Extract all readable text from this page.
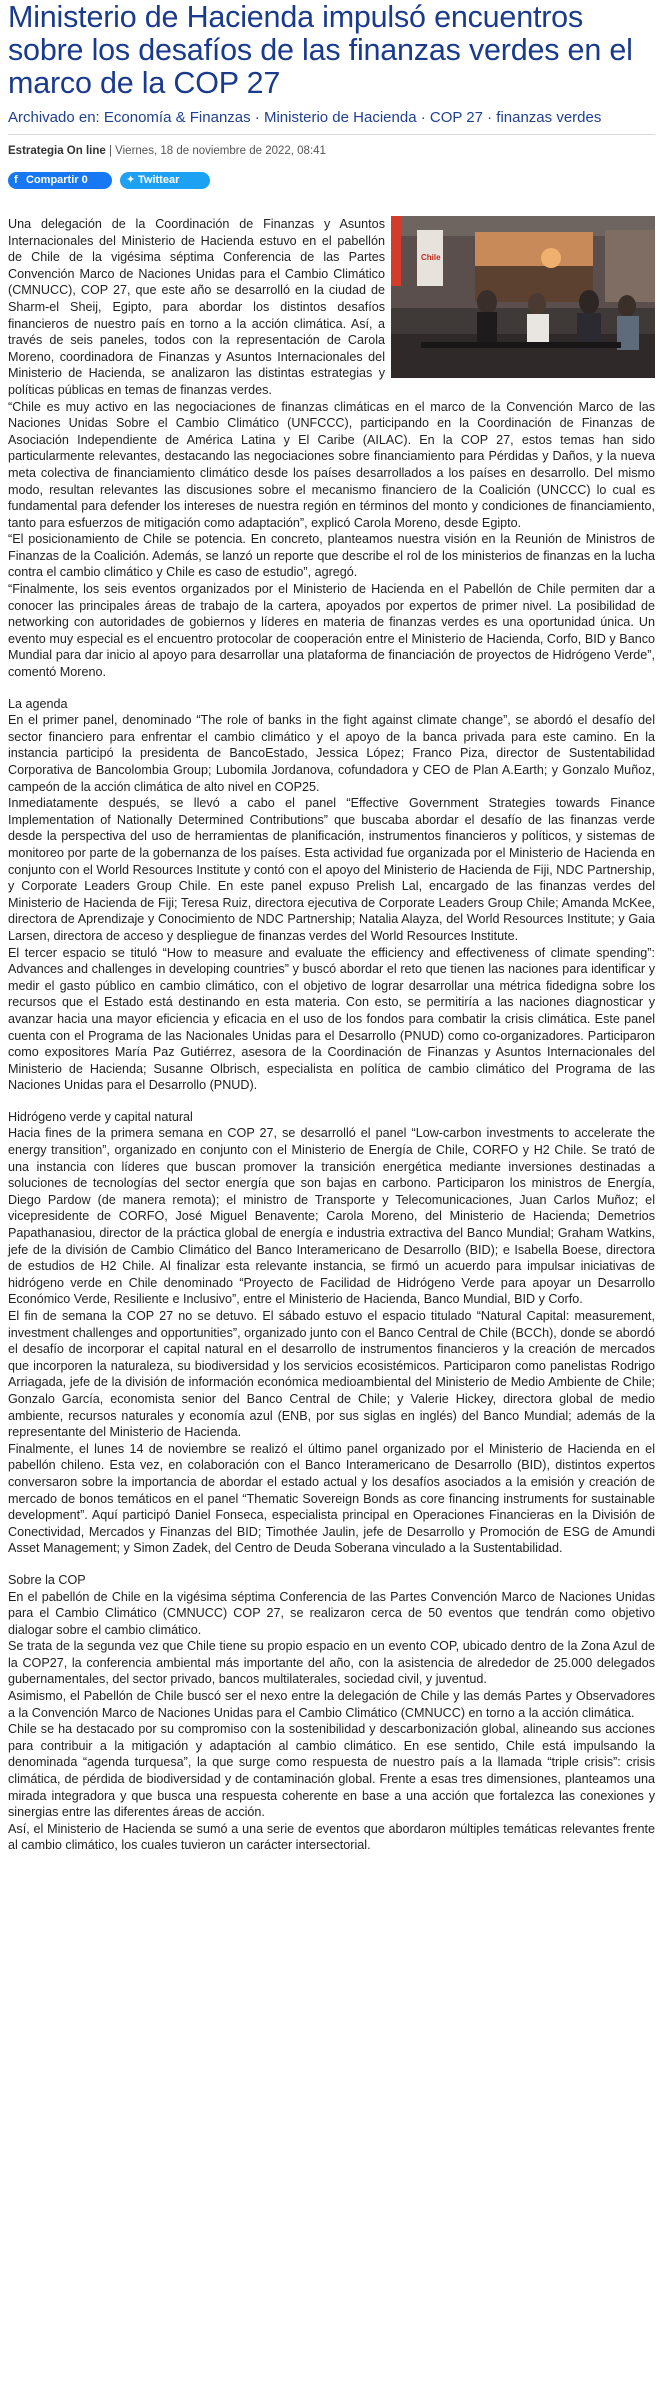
Ministerio de Hacienda impulsó encuentros sobre los desafíos de las finanzas verdes en el marco de la COP 27
Archivado en: Economía & Finanzas · Ministerio de Hacienda · COP 27 · finanzas verdes
Estrategia On line | Viernes, 18 de noviembre de 2022, 08:41
f Compartir 0	✦ Twittear
Chile

Una delegación de la Coordinación de Finanzas y Asuntos Internacionales del Ministerio de Hacienda estuvo en el pabellón de Chile de la vigésima séptima Conferencia de las Partes Convención Marco de Naciones Unidas para el Cambio Climático (CMNUCC), COP 27, que este año se desarrolló en la ciudad de Sharm-el Sheij, Egipto, para abordar los distintos desafíos financieros de nuestro país en torno a la acción climática. Así, a través de seis paneles, todos con la representación de Carola Moreno, coordinadora de Finanzas y Asuntos Internacionales del Ministerio de Hacienda, se analizaron las distintas estrategias y políticas públicas en temas de finanzas verdes.

“Chile es muy activo en las negociaciones de finanzas climáticas en el marco de la Convención Marco de las Naciones Unidas Sobre el Cambio Climático (UNFCCC), participando en la Coordinación de Finanzas de Asociación Independiente de América Latina y El Caribe (AILAC). En la COP 27, estos temas han sido particularmente relevantes, destacando las negociaciones sobre financiamiento para Pérdidas y Daños, y la nueva meta colectiva de financiamiento climático desde los países desarrollados a los países en desarrollo. Del mismo modo, resultan relevantes las discusiones sobre el mecanismo financiero de la Coalición (UNCCC) lo cual es fundamental para defender los intereses de nuestra región en términos del monto y condiciones de financiamiento, tanto para esfuerzos de mitigación como adaptación”, explicó Carola Moreno, desde Egipto.

“El posicionamiento de Chile se potencia. En concreto, planteamos nuestra visión en la Reunión de Ministros de Finanzas de la Coalición. Además, se lanzó un reporte que describe el rol de los ministerios de finanzas en la lucha contra el cambio climático y Chile es caso de estudio”, agregó.

“Finalmente, los seis eventos organizados por el Ministerio de Hacienda en el Pabellón de Chile permiten dar a conocer las principales áreas de trabajo de la cartera, apoyados por expertos de primer nivel. La posibilidad de networking con autoridades de gobiernos y líderes en materia de finanzas verdes es una oportunidad única. Un evento muy especial es el encuentro protocolar de cooperación entre el Ministerio de Hacienda, Corfo, BID y Banco Mundial para dar inicio al apoyo para desarrollar una plataforma de financiación de proyectos de Hidrógeno Verde”, comentó Moreno.

La agenda

En el primer panel, denominado “The role of banks in the fight against climate change”, se abordó el desafío del sector financiero para enfrentar el cambio climático y el apoyo de la banca privada para este camino. En la instancia participó la presidenta de BancoEstado, Jessica López; Franco Piza, director de Sustentabilidad Corporativa de Bancolombia Group; Lubomila Jordanova, cofundadora y CEO de Plan A.Earth; y Gonzalo Muñoz, campeón de la acción climática de alto nivel en COP25.

Inmediatamente después, se llevó a cabo el panel “Effective Government Strategies towards Finance Implementation of Nationally Determined Contributions” que buscaba abordar el desafío de las finanzas verde desde la perspectiva del uso de herramientas de planificación, instrumentos financieros y políticos, y sistemas de monitoreo por parte de la gobernanza de los países. Esta actividad fue organizada por el Ministerio de Hacienda en conjunto con el World Resources Institute y contó con el apoyo del Ministerio de Hacienda de Fiji, NDC Partnership, y Corporate Leaders Group Chile. En este panel expuso Prelish Lal, encargado de las finanzas verdes del Ministerio de Hacienda de Fiji; Teresa Ruiz, directora ejecutiva de Corporate Leaders Group Chile; Amanda McKee, directora de Aprendizaje y Conocimiento de NDC Partnership; Natalia Alayza, del World Resources Institute; y Gaia Larsen, directora de acceso y despliegue de finanzas verdes del World Resources Institute.

El tercer espacio se tituló “How to measure and evaluate the efficiency and effectiveness of climate spending”: Advances and challenges in developing countries” y buscó abordar el reto que tienen las naciones para identificar y medir el gasto público en cambio climático, con el objetivo de lograr desarrollar una métrica fidedigna sobre los recursos que el Estado está destinando en esta materia. Con esto, se permitiría a las naciones diagnosticar y avanzar hacia una mayor eficiencia y eficacia en el uso de los fondos para combatir la crisis climática. Este panel cuenta con el Programa de las Nacionales Unidas para el Desarrollo (PNUD) como co-organizadores. Participaron como expositores María Paz Gutiérrez, asesora de la Coordinación de Finanzas y Asuntos Internacionales del Ministerio de Hacienda; Susanne Olbrisch, especialista en política de cambio climático del Programa de las Naciones Unidas para el Desarrollo (PNUD).

Hidrógeno verde y capital natural

Hacia fines de la primera semana en COP 27, se desarrolló el panel “Low-carbon investments to accelerate the energy transition”, organizado en conjunto con el Ministerio de Energía de Chile, CORFO y H2 Chile. Se trató de una instancia con líderes que buscan promover la transición energética mediante inversiones destinadas a soluciones de tecnologías del sector energía que son bajas en carbono. Participaron los ministros de Energía, Diego Pardow (de manera remota); el ministro de Transporte y Telecomunicaciones, Juan Carlos Muñoz; el vicepresidente de CORFO, José Miguel Benavente; Carola Moreno, del Ministerio de Hacienda; Demetrios Papathanasiou, director de la práctica global de energía e industria extractiva del Banco Mundial; Graham Watkins, jefe de la división de Cambio Climático del Banco Interamericano de Desarrollo (BID); e Isabella Boese, directora de estudios de H2 Chile. Al finalizar esta relevante instancia, se firmó un acuerdo para impulsar iniciativas de hidrógeno verde en Chile denominado “Proyecto de Facilidad de Hidrógeno Verde para apoyar un Desarrollo Económico Verde, Resiliente e Inclusivo”, entre el Ministerio de Hacienda, Banco Mundial, BID y Corfo.

El fin de semana la COP 27 no se detuvo. El sábado estuvo el espacio titulado “Natural Capital: measurement, investment challenges and opportunities”, organizado junto con el Banco Central de Chile (BCCh), donde se abordó el desafío de incorporar el capital natural en el desarrollo de instrumentos financieros y la creación de mercados que incorporen la naturaleza, su biodiversidad y los servicios ecosistémicos. Participaron como panelistas Rodrigo Arriagada, jefe de la división de información económica medioambiental del Ministerio de Medio Ambiente de Chile; Gonzalo García, economista senior del Banco Central de Chile; y Valerie Hickey, directora global de medio ambiente, recursos naturales y economía azul (ENB, por sus siglas en inglés) del Banco Mundial; además de la representante del Ministerio de Hacienda.

Finalmente, el lunes 14 de noviembre se realizó el último panel organizado por el Ministerio de Hacienda en el pabellón chileno. Esta vez, en colaboración con el Banco Interamericano de Desarrollo (BID), distintos expertos conversaron sobre la importancia de abordar el estado actual y los desafíos asociados a la emisión y creación de mercado de bonos temáticos en el panel “Thematic Sovereign Bonds as core financing instruments for sustainable development”. Aquí participó Daniel Fonseca, especialista principal en Operaciones Financieras en la División de Conectividad, Mercados y Finanzas del BID; Timothée Jaulin, jefe de Desarrollo y Promoción de ESG de Amundi Asset Management; y Simon Zadek, del Centro de Deuda Soberana vinculado a la Sustentabilidad.

Sobre la COP

En el pabellón de Chile en la vigésima séptima Conferencia de las Partes Convención Marco de Naciones Unidas para el Cambio Climático (CMNUCC) COP 27, se realizaron cerca de 50 eventos que tendrán como objetivo dialogar sobre el cambio climático.

Se trata de la segunda vez que Chile tiene su propio espacio en un evento COP, ubicado dentro de la Zona Azul de la COP27, la conferencia ambiental más importante del año, con la asistencia de alrededor de 25.000 delegados gubernamentales, del sector privado, bancos multilaterales, sociedad civil, y juventud.

Asimismo, el Pabellón de Chile buscó ser el nexo entre la delegación de Chile y las demás Partes y Observadores a la Convención Marco de Naciones Unidas para el Cambio Climático (CMNUCC) en torno a la acción climática.

Chile se ha destacado por su compromiso con la sostenibilidad y descarbonización global, alineando sus acciones para contribuir a la mitigación y adaptación al cambio climático. En ese sentido, Chile está impulsando la denominada “agenda turquesa”, la que surge como respuesta de nuestro país a la llamada “triple crisis”: crisis climática, de pérdida de biodiversidad y de contaminación global. Frente a esas tres dimensiones, planteamos una mirada integradora y que busca una respuesta coherente en base a una acción que fortalezca las conexiones y sinergias entre las diferentes áreas de acción.

Así, el Ministerio de Hacienda se sumó a una serie de eventos que abordaron múltiples temáticas relevantes frente al cambio climático, los cuales tuvieron un carácter intersectorial.
